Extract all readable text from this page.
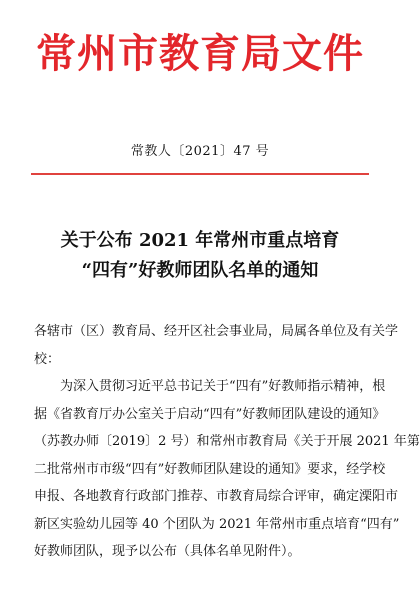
常州市教育局文件
常教人〔2021〕47 号
关于公布 2021 年常州市重点培育
“四有”好教师团队名单的通知
各辖市（区）教育局、经开区社会事业局，局属各单位及有关学
校：
为深入贯彻习近平总书记关于“四有”好教师指示精神，根
据《省教育厅办公室关于启动“四有”好教师团队建设的通知》
（苏教办师〔2019〕2 号）和常州市教育局《关于开展 2021 年第
二批常州市市级“四有”好教师团队建设的通知》要求，经学校
申报、各地教育行政部门推荐、市教育局综合评审，确定溧阳市
新区实验幼儿园等 40 个团队为 2021 年常州市重点培育“四有”
好教师团队，现予以公布（具体名单见附件）。
